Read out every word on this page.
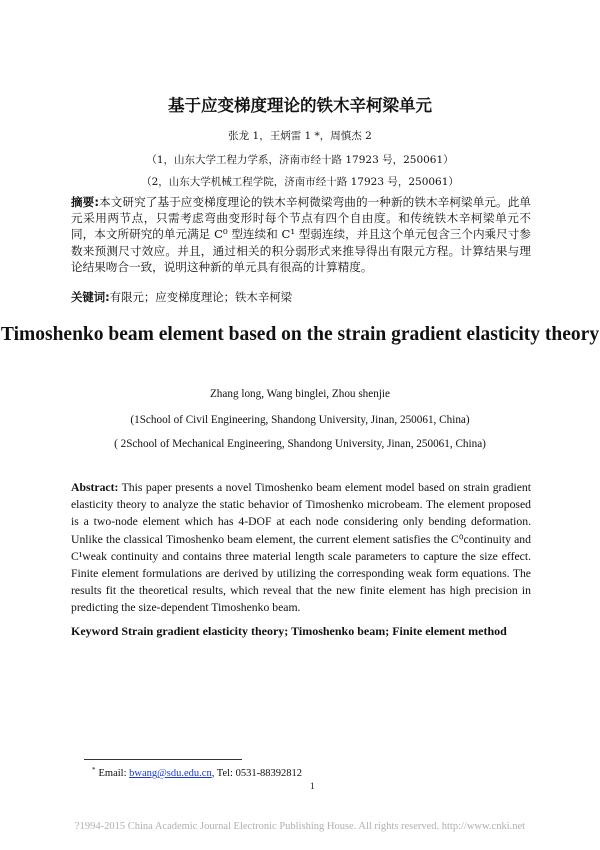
基于应变梯度理论的铁木辛柯梁单元
张龙 1，王炳雷 1 *，周慎杰 2
（1，山东大学工程力学系，济南市经十路 17923 号，250061）
（2，山东大学机械工程学院，济南市经十路 17923 号，250061）
摘要:本文研究了基于应变梯度理论的铁木辛柯微梁弯曲的一种新的铁木辛柯梁单元。此单元采用两节点，只需考虑弯曲变形时每个节点有四个自由度。和传统铁木辛柯梁单元不同，本文所研究的单元满足 C⁰ 型连续和 C¹ 型弱连续，并且这个单元包含三个内乘尺寸参数来预测尺寸效应。并且，通过相关的积分弱形式来推导得出有限元方程。计算结果与理论结果吻合一致，说明这种新的单元具有很高的计算精度。
关键词:有限元；应变梯度理论；铁木辛柯梁
Timoshenko beam element based on the strain gradient elasticity theory
Zhang long, Wang binglei, Zhou shenjie
(1School of Civil Engineering, Shandong University, Jinan, 250061, China)
( 2School of Mechanical Engineering, Shandong University, Jinan, 250061, China)
Abstract: This paper presents a novel Timoshenko beam element model based on strain gradient elasticity theory to analyze the static behavior of Timoshenko microbeam. The element proposed is a two-node element which has 4-DOF at each node considering only bending deformation. Unlike the classical Timoshenko beam element, the current element satisfies the C⁰continuity and C¹weak continuity and contains three material length scale parameters to capture the size effect. Finite element formulations are derived by utilizing the corresponding weak form equations. The results fit the theoretical results, which reveal that the new finite element has high precision in predicting the size-dependent Timoshenko beam.
Keyword Strain gradient elasticity theory; Timoshenko beam; Finite element method
* Email: bwang@sdu.edu.cn, Tel: 0531-88392812
1
?1994-2015 China Academic Journal Electronic Publishing House. All rights reserved. http://www.cnki.net
